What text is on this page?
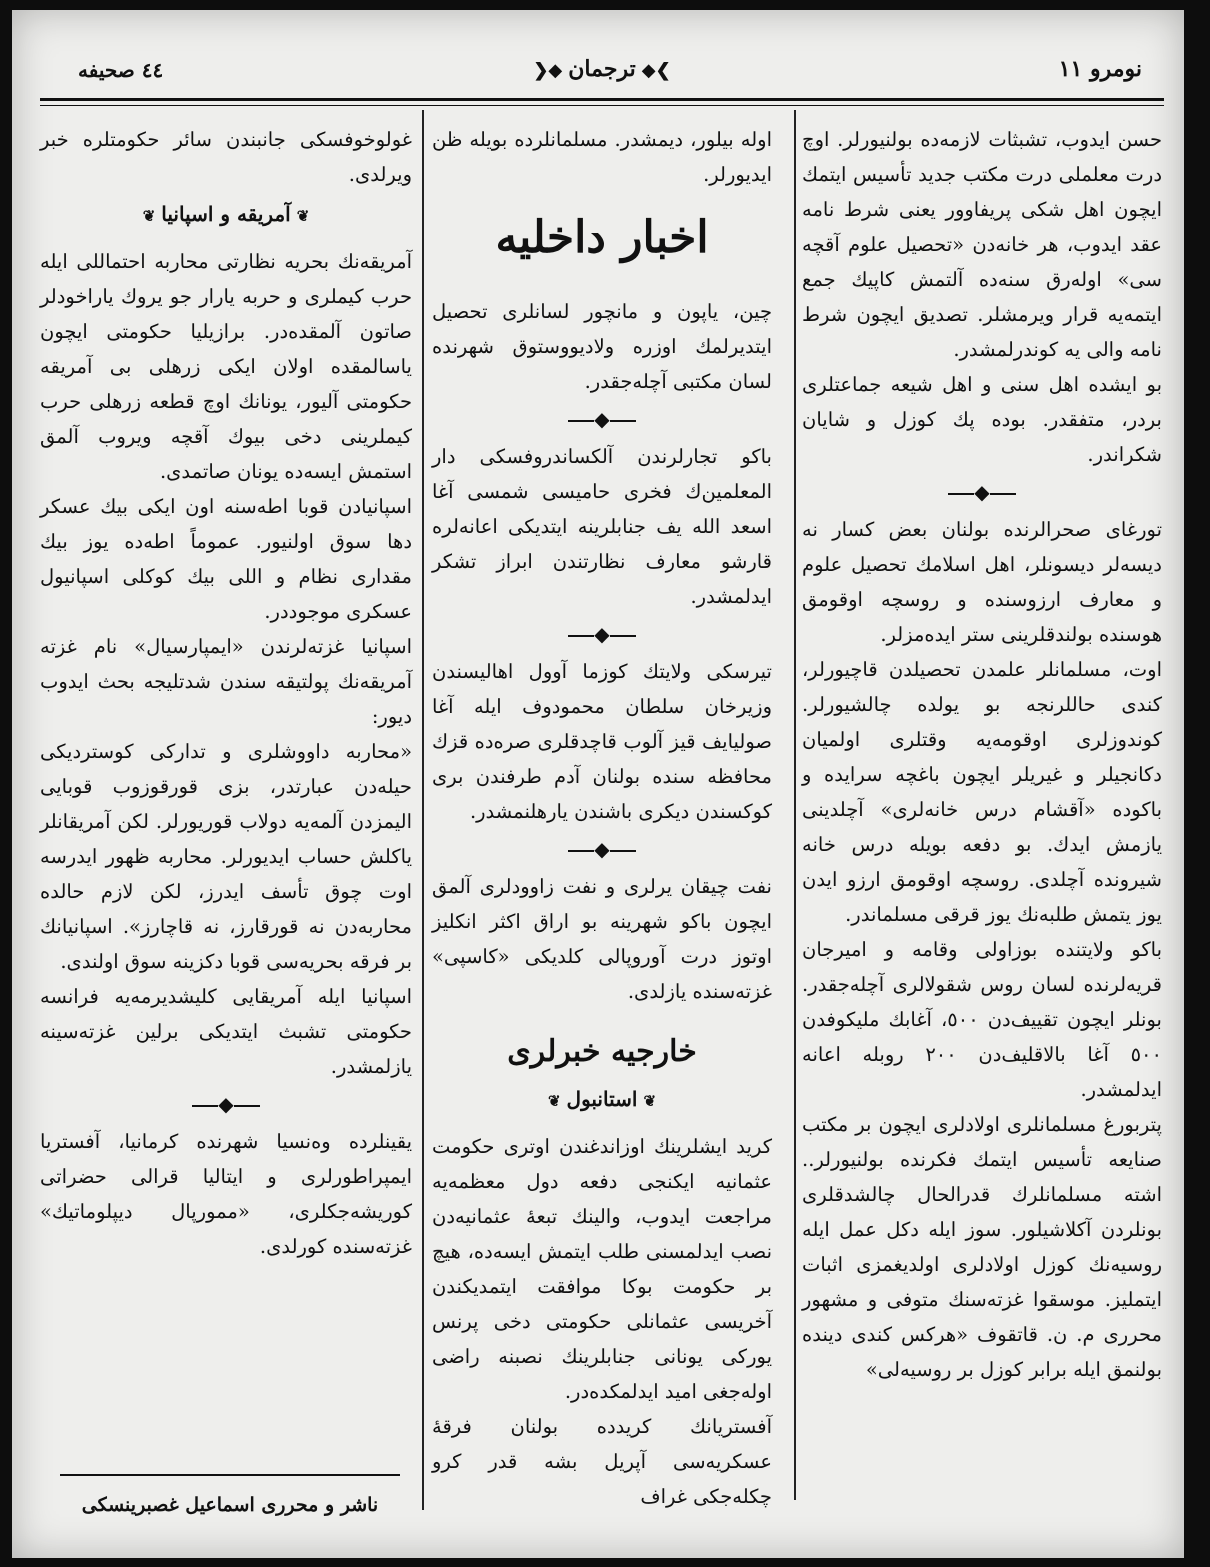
نومرو ١١
❯◆ترجمان◆❮
٤٤ صحيفه

حسن ايدوب، تشبثات لازمه‌ده بولنيورلر. اوچ درت معلملی درت مكتب جديد تأسيس ايتمك ايچون اهل شكی پريفاوور يعنی شرط نامه عقد ايدوب، هر خانه‌دن «تحصيل علوم آقچه سی» اوله‌رق سنه‌ده آلتمش كاپيك جمع ايتمه‌يه قرار ويرمشلر. تصديق ايچون شرط نامه والی يه كوندرلمشدر.

بو ايشده اهل سنی و اهل شيعه جماعتلری بردر، متفقدر. بوده پك كوزل و شايان شكراندر.

◆

تورغای صحرالرنده بولنان بعض كسار نه ديسه‌لر ديسونلر، اهل اسلامك تحصيل علوم و معارف ارزوسنده و روسچه اوقومق هوسنده بولندقلرينی ستر ايده‌مزلر.

اوت، مسلمانلر علمدن تحصيلدن قاچيورلر، كندی حاللرنجه بو يولده چالشيورلر. كوندوزلری اوقومه‌يه وقتلری اولميان دكانجيلر و غيريلر ايچون باغچه سرايده و باكوده «آقشام درس خانه‌لری» آچلدينی يازمش ايدك. بو دفعه بويله درس خانه شيرونده آچلدی. روسچه اوقومق ارزو ايدن يوز يتمش طلبه‌نك يوز قرقی مسلماندر.

باكو ولايتنده بوزاولی وقامه و اميرجان قريه‌لرنده لسان روس شقولالری آچله‌جقدر. بونلر ايچون تقييف‌دن ٥٠٠، آغابك مليكوفدن ٥٠٠ آغا بالاقليف‌دن ٢٠٠ روبله اعانه ايدلمشدر.

پتربورغ مسلمانلری اولادلری ايچون بر مكتب صنايعه تأسيس ايتمك فكرنده بولنيورلر.. اشته مسلمانلرك قدرالحال چالشدقلری بونلردن آكلاشيلور. سوز ايله دكل عمل ايله روسيه‌نك كوزل اولادلری اولديغمزی اثبات ايتمليز. موسقوا غزته‌سنك متوفی و مشهور محرری م. ن. قاتقوف «هركس كندی دينده بولنمق ايله برابر كوزل بر روسيه‌لی»

اوله بيلور، ديمشدر. مسلمانلرده بويله ظن ايديورلر.

اخبار داخليه

چين، ياپون و مانچور لسانلری تحصيل ايتديرلمك اوزره ولاديووستوق شهرنده لسان مكتبی آچله‌جقدر.

◆

باكو تجارلرندن آلكساندروفسكی دار المعلمين‌ك فخری حاميسی شمسی آغا اسعد الله يف جنابلرينه ايتديكی اعانه‌لره قارشو معارف نظارتندن ابراز تشكر ايدلمشدر.

◆

تيرسكی ولايتك كوزما آوول اهاليسندن وزيرخان سلطان محمودوف ايله آغا صوليايف قيز آلوب قاچدقلری صره‌ده قزك محافظه سنده بولنان آدم طرفندن بری كوكسندن ديكری باشندن يارهلنمشدر.

◆

نفت چيقان يرلری و نفت زاوودلری آلمق ايچون باكو شهرينه بو اراق اكثر انكليز اوتوز درت آوروپالی كلديكی «كاسپی» غزته‌سنده يازلدی.

خارجيه خبرلری
❦استانبول❦

كريد ايشلرينك اوزاندغندن اوتری حكومت عثمانيه ايكنجی دفعه دول معظمه‌يه مراجعت ايدوب، والينك تبعهٔ عثمانيه‌دن نصب ايدلمسنی طلب ايتمش ايسه‌ده، هيچ بر حكومت بوكا موافقت ايتمديكندن آخريسی عثمانلی حكومتی دخی پرنس يوركی يونانی جنابلرينك نصبنه راضی اوله‌جغی اميد ايدلمكده‌در.

آفستريانك كريدده بولنان فرقهٔ عسكريه‌سی آپريل بشه قدر كرو چكله‌جكی غراف

غولوخوفسكی جانبندن سائر حكومتلره خبر ويرلدی.

❦آمريقه و اسپانيا❦

آمريقه‌نك بحريه نظارتی محاربه احتماللی ايله حرب كيملری و حربه يارار جو يروك ياراخودلر صاتون آلمقده‌در. برازيليا حكومتی ايچون ياسالمقده اولان ايكی زرهلی بی آمريقه حكومتی آليور، يونانك اوچ قطعه زرهلی حرب كيملرينی دخی بيوك آقچه ويروب آلمق استمش ايسه‌ده يونان صاتمدی.

اسپانيادن قوبا اطه‌سنه اون ايكی بيك عسكر دها سوق اولنيور. عموماً اطه‌ده يوز بيك مقداری نظام و اللی بيك كوكلی اسپانيول عسكری موجوددر.

اسپانيا غزته‌لرندن «ايمپارسيال» نام غزته آمريقه‌نك پولتيقه سندن شدتليجه بحث ايدوب ديور:

«محاربه داووشلری و تداركی كوسترديكی حيله‌دن عبارتدر، بزی قورقوزوب قوبايی اليمزدن آلمه‌يه دولاب قوريورلر. لكن آمريقانلر ياكلش حساب ايديورلر. محاربه ظهور ايدرسه اوت چوق تأسف ايدرز، لكن لازم حالده محاربه‌دن نه قورقارز، نه قاچارز». اسپانيانك بر فرقه بحريه‌سی قوبا دكزينه سوق اولندی.

اسپانيا ايله آمريقايی كليشديرمه‌يه فرانسه حكومتی تشبث ايتديكی برلين غزته‌سينه يازلمشدر.

◆

يقينلرده وه‌نسيا شهرنده كرمانيا، آفستريا ايمپراطورلری و ايتاليا قرالی حضراتی كوريشه‌جكلری، «ممورپال ديپلوماتيك» غزته‌سنده كورلدی.

ناشر و محرری اسماعيل غصبرينسكی
